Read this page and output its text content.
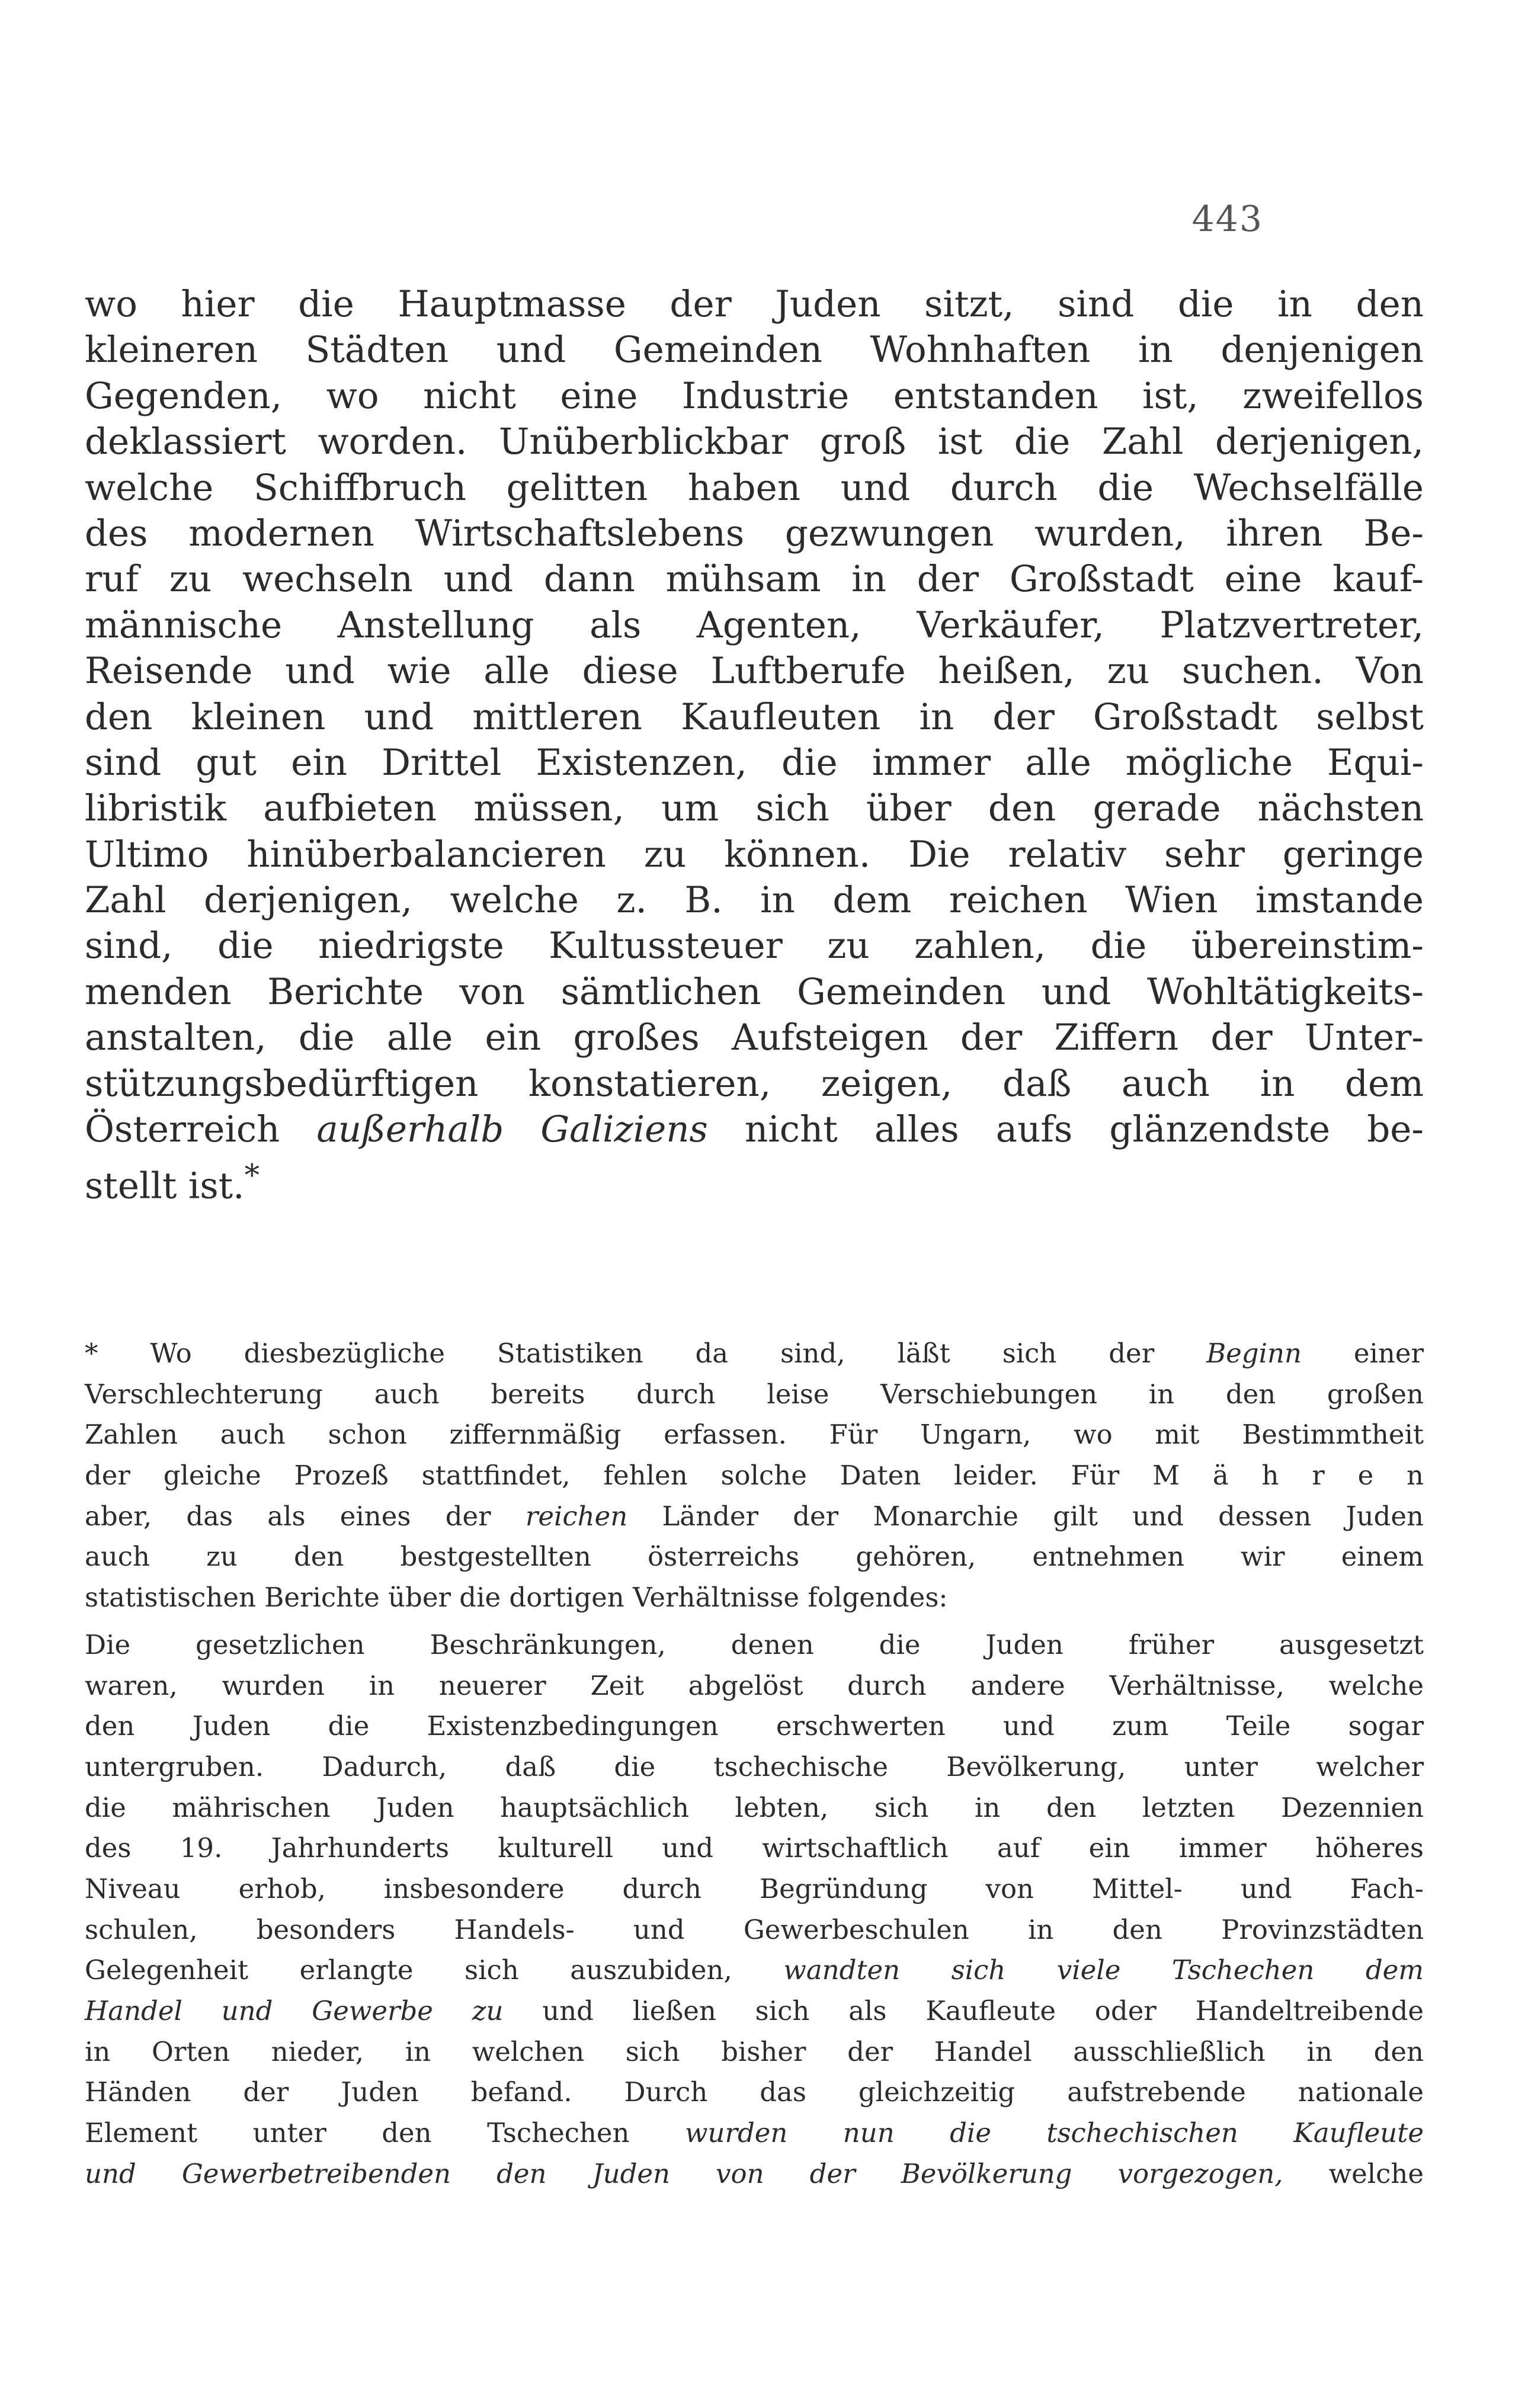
443
wo hier die Hauptmasse der Juden sitzt, sind die in den
kleineren Städten und Gemeinden Wohnhaften in denjenigen
Gegenden, wo nicht eine Industrie entstanden ist, zweifellos
deklassiert worden. Unüberblickbar groß ist die Zahl derjenigen,
welche Schiffbruch gelitten haben und durch die Wechselfälle
des modernen Wirtschaftslebens gezwungen wurden, ihren Be-
ruf zu wechseln und dann mühsam in der Großstadt eine kauf-
männische Anstellung als Agenten, Verkäufer, Platzvertreter,
Reisende und wie alle diese Luftberufe heißen, zu suchen. Von
den kleinen und mittleren Kaufleuten in der Großstadt selbst
sind gut ein Drittel Existenzen, die immer alle mögliche Equi-
libristik aufbieten müssen, um sich über den gerade nächsten
Ultimo hinüberbalancieren zu können. Die relativ sehr geringe
Zahl derjenigen, welche z. B. in dem reichen Wien imstande
sind, die niedrigste Kultussteuer zu zahlen, die übereinstim-
menden Berichte von sämtlichen Gemeinden und Wohltätigkeits-
anstalten, die alle ein großes Aufsteigen der Ziffern der Unter-
stützungsbedürftigen konstatieren, zeigen, daß auch in dem
Österreich außerhalb Galiziens nicht alles aufs glänzendste be-
stellt ist.*
* Wo diesbezügliche Statistiken da sind, läßt sich der Beginn einer
Verschlechterung auch bereits durch leise Verschiebungen in den großen
Zahlen auch schon ziffernmäßig erfassen. Für Ungarn, wo mit Bestimmtheit
der gleiche Prozeß stattfindet, fehlen solche Daten leider. Für M ä h r e n
aber, das als eines der reichen Länder der Monarchie gilt und dessen Juden
auch zu den bestgestellten österreichs gehören, entnehmen wir einem
statistischen Berichte über die dortigen Verhältnisse folgendes:
Die gesetzlichen Beschränkungen, denen die Juden früher ausgesetzt
waren, wurden in neuerer Zeit abgelöst durch andere Verhältnisse, welche
den Juden die Existenzbedingungen erschwerten und zum Teile sogar
untergruben. Dadurch, daß die tschechische Bevölkerung, unter welcher
die mährischen Juden hauptsächlich lebten, sich in den letzten Dezennien
des 19. Jahrhunderts kulturell und wirtschaftlich auf ein immer höheres
Niveau erhob, insbesondere durch Begründung von Mittel- und Fach-
schulen, besonders Handels- und Gewerbeschulen in den Provinzstädten
Gelegenheit erlangte sich auszubiden, wandten sich viele Tschechen dem
Handel und Gewerbe zu und ließen sich als Kaufleute oder Handeltreibende
in Orten nieder, in welchen sich bisher der Handel ausschließlich in den
Händen der Juden befand. Durch das gleichzeitig aufstrebende nationale
Element unter den Tschechen wurden nun die tschechischen Kaufleute
und Gewerbetreibenden den Juden von der Bevölkerung vorgezogen, welche
